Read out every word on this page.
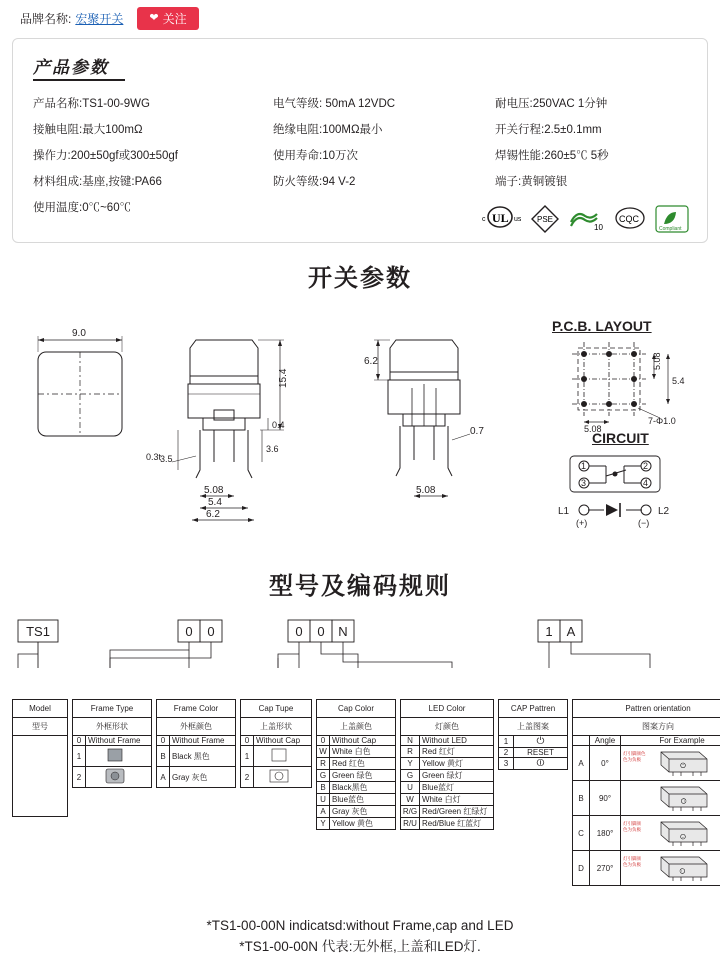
品牌名称: 宏聚开关 ❤ 关注
产品参数
产品名称:TS1-00-9WG	电气等级: 50mA 12VDC	耐电压:250VAC 1分钟
接触电阻:最大100mΩ	绝缘电阻:100MΩ最小	开关行程:2.5±0.1mm
操作力:200±50gf或300±50gf	使用寿命:10万次	焊锡性能:260±5℃ 5秒
材料组成:基座,按键:PA66	防火等级:94 V-2	端子:黄铜镀银
使用温度:0℃~60℃
c UL us PSE
10
CQC
Compliant
开关参数
9.0
15.4
0.4
3.6
3.5
0.3t
5.08
5.4
6.2
6.2
0.7
5.08
5.08
5.08
5.4
7-Φ1.0
1	2
3	4
L1	L2
(+)	(−)
P.C.B. LAYOUT
CIRCUIT
型号及编码规则
TS1	0 0	0 0 N	1 A
Model
型号

Frame Type	
外框形状	
0	Without Frame
1	
2	
Frame Color	
外框颜色	
0	Without Frame
B	Black 黑色
A	Gray 灰色
Cap Tupe	
上盖形状	
0	Without Cap
1	
2	
Cap Color	
上盖颜色	
0	Without Cap
W	White 白色
R	Red 红色
G	Green 绿色
B	Black黑色
U	Blue蓝色
A	Gray 灰色
Y	Yellow 黄色
LED Color	
灯颜色	
N	Without LED
R	Red 红灯
Y	Yellow 黄灯
G	Green 绿灯
U	Blue蓝灯
W	White 白灯
R/G	Red/Green 红绿灯
R/U	Red/Blue 红蓝灯
CAP Pattren	
上盖图案	
1	⏻
2	RESET
3	⏼
Pattren orientation		
图案方向		
	Angle	For Example
A	0°	灯引脚颜色
色为负极
⏻

B	90°	⏻

C	180°	灯引脚颜
色为负极
⏻

D	270°	灯引脚颜
色为负极
⏻
*TS1-00-00N indicatsd:without Frame,cap and LED
*TS1-00-00N 代表:无外框,上盖和LED灯.
